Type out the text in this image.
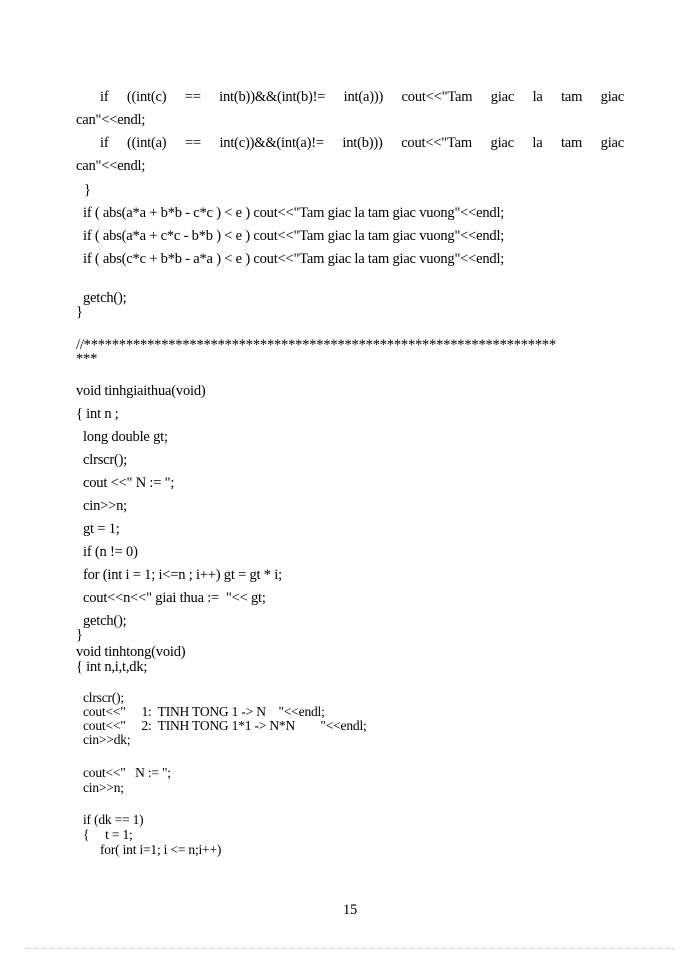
if ((int(c) == int(b))&&(int(b)!= int(a))) cout<<"Tam giac la tam giac
can"<<endl;
if ((int(a) == int(c))&&(int(a)!= int(b))) cout<<"Tam giac la tam giac
can"<<endl;
}
if ( abs(a*a + b*b - c*c ) < e ) cout<<"Tam giac la tam giac vuong"<<endl;
if ( abs(a*a + c*c - b*b ) < e ) cout<<"Tam giac la tam giac vuong"<<endl;
if ( abs(c*c + b*b - a*a ) < e ) cout<<"Tam giac la tam giac vuong"<<endl;
getch();
}
//*******************************************************************
***
void tinhgiaithua(void)
{ int n ;
long double gt;
clrscr();
cout <<" N := ";
cin>>n;
gt = 1;
if (n != 0)
for (int i = 1; i<=n ; i++) gt = gt * i;
cout<<n<<" giai thua :=  "<< gt;
getch();
}
void tinhtong(void)
{ int n,i,t,dk;
clrscr();
cout<<"     1:  TINH TONG 1 -> N    "<<endl;
cout<<"     2:  TINH TONG 1*1 -> N*N        "<<endl;
cin>>dk;
cout<<"   N := ";
cin>>n;
if (dk == 1)
{     t = 1;
for( int i=1; i <= n;i++)
15
